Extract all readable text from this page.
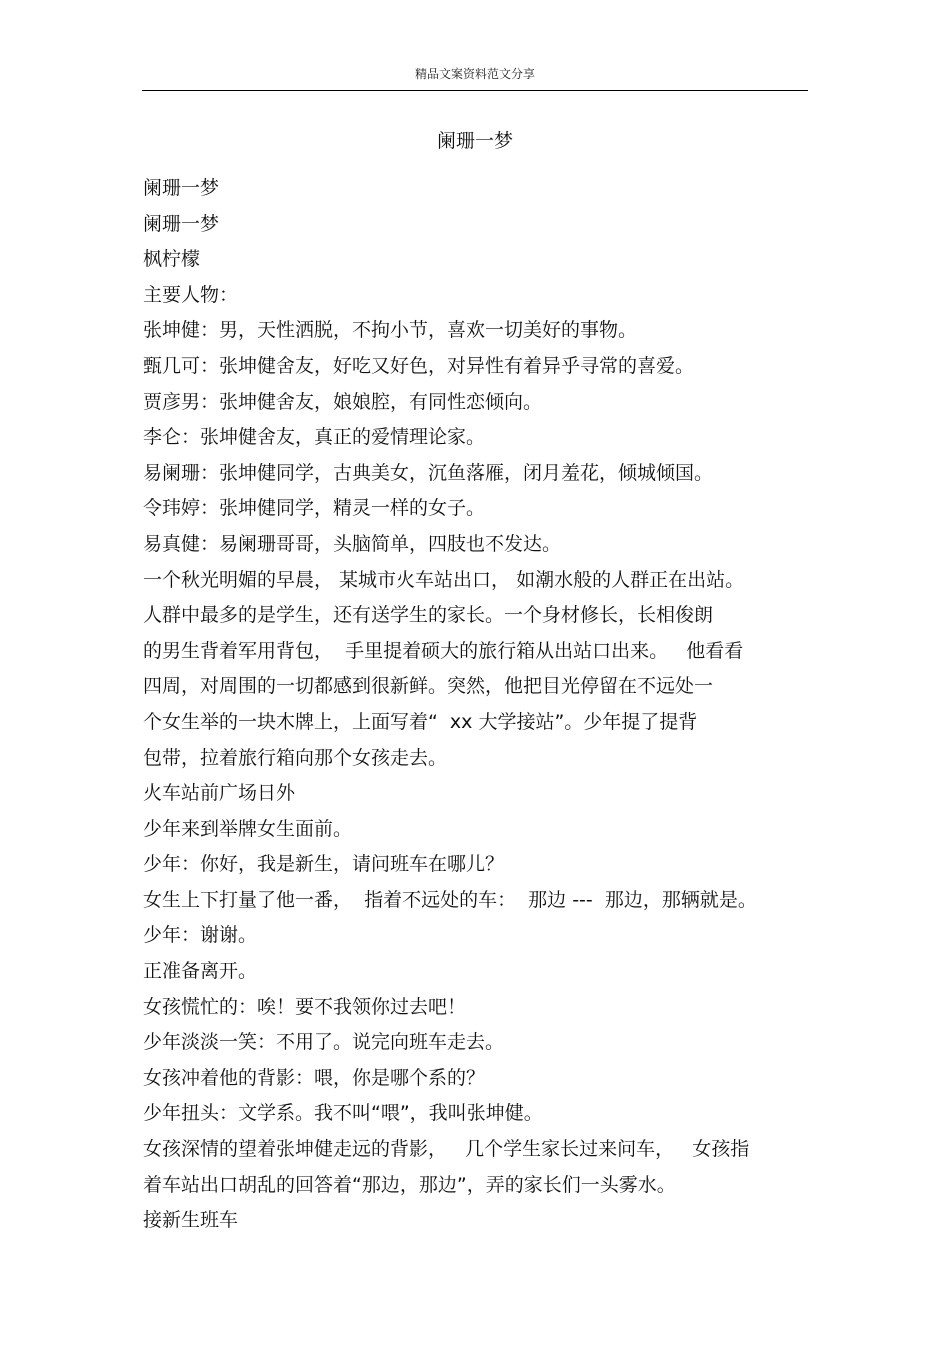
精品文案资料范文分享
阑珊一梦
阑珊一梦
阑珊一梦
枫柠檬
主要人物：
张坤健：男，天性洒脱，不拘小节，喜欢一切美好的事物。
甄几可：张坤健舍友，好吃又好色，对异性有着异乎寻常的喜爱。
贾彦男：张坤健舍友，娘娘腔，有同性恋倾向。
李仑：张坤健舍友，真正的爱情理论家。
易阑珊：张坤健同学，古典美女，沉鱼落雁，闭月羞花，倾城倾国。
令玮婷：张坤健同学，精灵一样的女子。
易真健：易阑珊哥哥，头脑简单，四肢也不发达。
一个秋光明媚的早晨， 某城市火车站出口， 如潮水般的人群正在出站。
人群中最多的是学生，还有送学生的家长。一个身材修长，长相俊朗
的男生背着军用背包，  手里提着硕大的旅行箱从出站口出来。   他看看
四周，对周围的一切都感到很新鲜。突然，他把目光停留在不远处一
个女生举的一块木牌上，上面写着“  xx 大学接站”。少年提了提背
包带，拉着旅行箱向那个女孩走去。
火车站前广场日外
少年来到举牌女生面前。
少年：你好，我是新生，请问班车在哪儿？
女生上下打量了他一番，  指着不远处的车：  那边 ---  那边，那辆就是。
少年：谢谢。
正准备离开。
女孩慌忙的：唉！要不我领你过去吧！
少年淡淡一笑：不用了。说完向班车走去。
女孩冲着他的背影：喂，你是哪个系的？
少年扭头：文学系。我不叫“喂”，我叫张坤健。
女孩深情的望着张坤健走远的背影，   几个学生家长过来问车，   女孩指
着车站出口胡乱的回答着“那边，那边”，弄的家长们一头雾水。
接新生班车
